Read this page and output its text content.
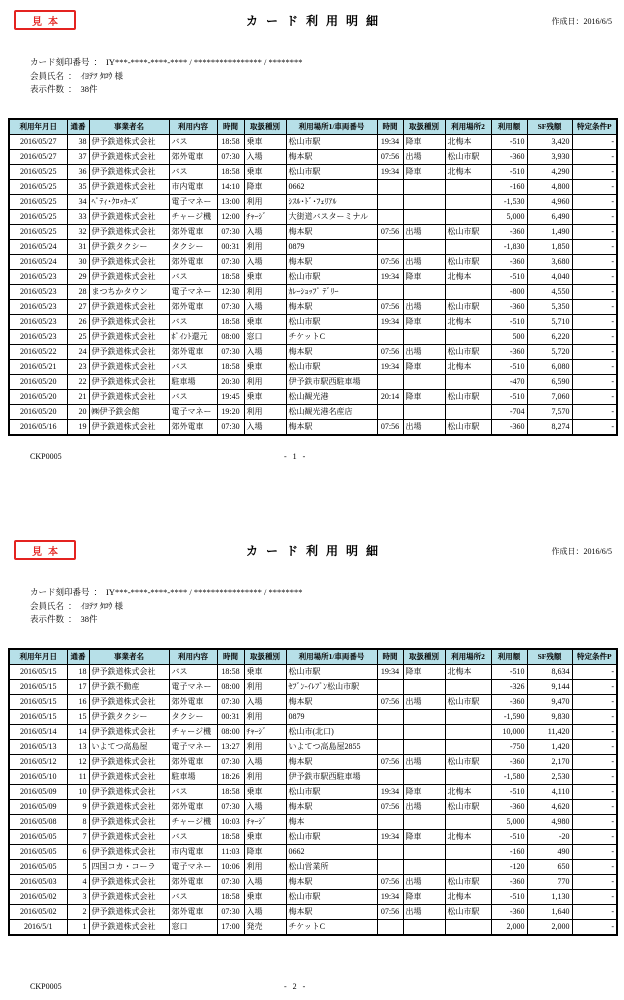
見本	カード利用明細	作成日：2016/6/5
カード刻印番号 ： IY***-****-****-**** / **************** / ********
会員氏名 ： ｲﾖﾃﾂ ﾀﾛｳ 様
表示件数 ： 38件
利用年月日	通番	事業者名	利用内容	時間	取扱種別	利用場所1/車両番号	時間	取扱種別	利用場所2	利用額	SF残額	特定条件P
2016/05/27	38	伊予鉄道株式会社	バス	18:58	乗車	松山市駅	19:34	降車	北梅本	-510	3,420	-
2016/05/27	37	伊予鉄道株式会社	郊外電車	07:30	入場	梅本駅	07:56	出場	松山市駅	-360	3,930	-
2016/05/25	36	伊予鉄道株式会社	バス	18:58	乗車	松山市駅	19:34	降車	北梅本	-510	4,290	-
2016/05/25	35	伊予鉄道株式会社	市内電車	14:10	降車	0662				-160	4,800	-
2016/05/25	34	ﾍﾟﾃｨ･ｸﾛｯｶｰｽﾞ	電子マネー	13:00	利用	ｼｽﾙ･ﾄﾞ･ﾌｪﾘｱﾙ				-1,530	4,960	-
2016/05/25	33	伊予鉄道株式会社	チャージ機	12:00	ﾁｬｰｼﾞ	大街道バスターミナル				5,000	6,490	-
2016/05/25	32	伊予鉄道株式会社	郊外電車	07:30	入場	梅本駅	07:56	出場	松山市駅	-360	1,490	-
2016/05/24	31	伊予鉄タクシー	タクシー	00:31	利用	0879				-1,830	1,850	-
2016/05/24	30	伊予鉄道株式会社	郊外電車	07:30	入場	梅本駅	07:56	出場	松山市駅	-360	3,680	-
2016/05/23	29	伊予鉄道株式会社	バス	18:58	乗車	松山市駅	19:34	降車	北梅本	-510	4,040	-
2016/05/23	28	まつちかタウン	電子マネー	12:30	利用	ｶﾚｰｼｮｯﾌﾟ ﾃﾞﾘｰ				-800	4,550	-
2016/05/23	27	伊予鉄道株式会社	郊外電車	07:30	入場	梅本駅	07:56	出場	松山市駅	-360	5,350	-
2016/05/23	26	伊予鉄道株式会社	バス	18:58	乗車	松山市駅	19:34	降車	北梅本	-510	5,710	-
2016/05/23	25	伊予鉄道株式会社	ﾎﾟｲﾝﾄ還元	08:00	窓口	チケットC				500	6,220	-
2016/05/22	24	伊予鉄道株式会社	郊外電車	07:30	入場	梅本駅	07:56	出場	松山市駅	-360	5,720	-
2016/05/21	23	伊予鉄道株式会社	バス	18:58	乗車	松山市駅	19:34	降車	北梅本	-510	6,080	-
2016/05/20	22	伊予鉄道株式会社	駐車場	20:30	利用	伊予鉄市駅西駐車場				-470	6,590	-
2016/05/20	21	伊予鉄道株式会社	バス	19:45	乗車	松山観光港	20:14	降車	松山市駅	-510	7,060	-
2016/05/20	20	㈱伊予鉄会館	電子マネー	19:20	利用	松山観光港名産店				-704	7,570	-
2016/05/16	19	伊予鉄道株式会社	郊外電車	07:30	入場	梅本駅	07:56	出場	松山市駅	-360	8,274	-
CKP0005	- 1 -
見本	カード利用明細	作成日：2016/6/5
カード刻印番号 ： IY***-****-****-**** / **************** / ********
会員氏名 ： ｲﾖﾃﾂ ﾀﾛｳ 様
表示件数 ： 38件
利用年月日	通番	事業者名	利用内容	時間	取扱種別	利用場所1/車両番号	時間	取扱種別	利用場所2	利用額	SF残額	特定条件P
2016/05/15	18	伊予鉄道株式会社	バス	18:58	乗車	松山市駅	19:34	降車	北梅本	-510	8,634	-
2016/05/15	17	伊予鉄不動産	電子マネー	08:00	利用	ｾﾌﾞﾝ-ｲﾚﾌﾞﾝ松山市駅				-326	9,144	-
2016/05/15	16	伊予鉄道株式会社	郊外電車	07:30	入場	梅本駅	07:56	出場	松山市駅	-360	9,470	-
2016/05/15	15	伊予鉄タクシー	タクシー	00:31	利用	0879				-1,590	9,830	-
2016/05/14	14	伊予鉄道株式会社	チャージ機	08:00	ﾁｬｰｼﾞ	松山市(北口)				10,000	11,420	-
2016/05/13	13	いよてつ高島屋	電子マネー	13:27	利用	いよてつ高島屋2855				-750	1,420	-
2016/05/12	12	伊予鉄道株式会社	郊外電車	07:30	入場	梅本駅	07:56	出場	松山市駅	-360	2,170	-
2016/05/10	11	伊予鉄道株式会社	駐車場	18:26	利用	伊予鉄市駅西駐車場				-1,580	2,530	-
2016/05/09	10	伊予鉄道株式会社	バス	18:58	乗車	松山市駅	19:34	降車	北梅本	-510	4,110	-
2016/05/09	9	伊予鉄道株式会社	郊外電車	07:30	入場	梅本駅	07:56	出場	松山市駅	-360	4,620	-
2016/05/08	8	伊予鉄道株式会社	チャージ機	10:03	ﾁｬｰｼﾞ	梅本				5,000	4,980	-
2016/05/05	7	伊予鉄道株式会社	バス	18:58	乗車	松山市駅	19:34	降車	北梅本	-510	-20	-
2016/05/05	6	伊予鉄道株式会社	市内電車	11:03	降車	0662				-160	490	-
2016/05/05	5	四国コカ・コーラ	電子マネー	10:06	利用	松山営業所				-120	650	-
2016/05/03	4	伊予鉄道株式会社	郊外電車	07:30	入場	梅本駅	07:56	出場	松山市駅	-360	770	-
2016/05/02	3	伊予鉄道株式会社	バス	18:58	乗車	松山市駅	19:34	降車	北梅本	-510	1,130	-
2016/05/02	2	伊予鉄道株式会社	郊外電車	07:30	入場	梅本駅	07:56	出場	松山市駅	-360	1,640	-
2016/5/1	1	伊予鉄道株式会社	窓口	17:00	発売	チケットC				2,000	2,000	-
CKP0005	- 2 -
